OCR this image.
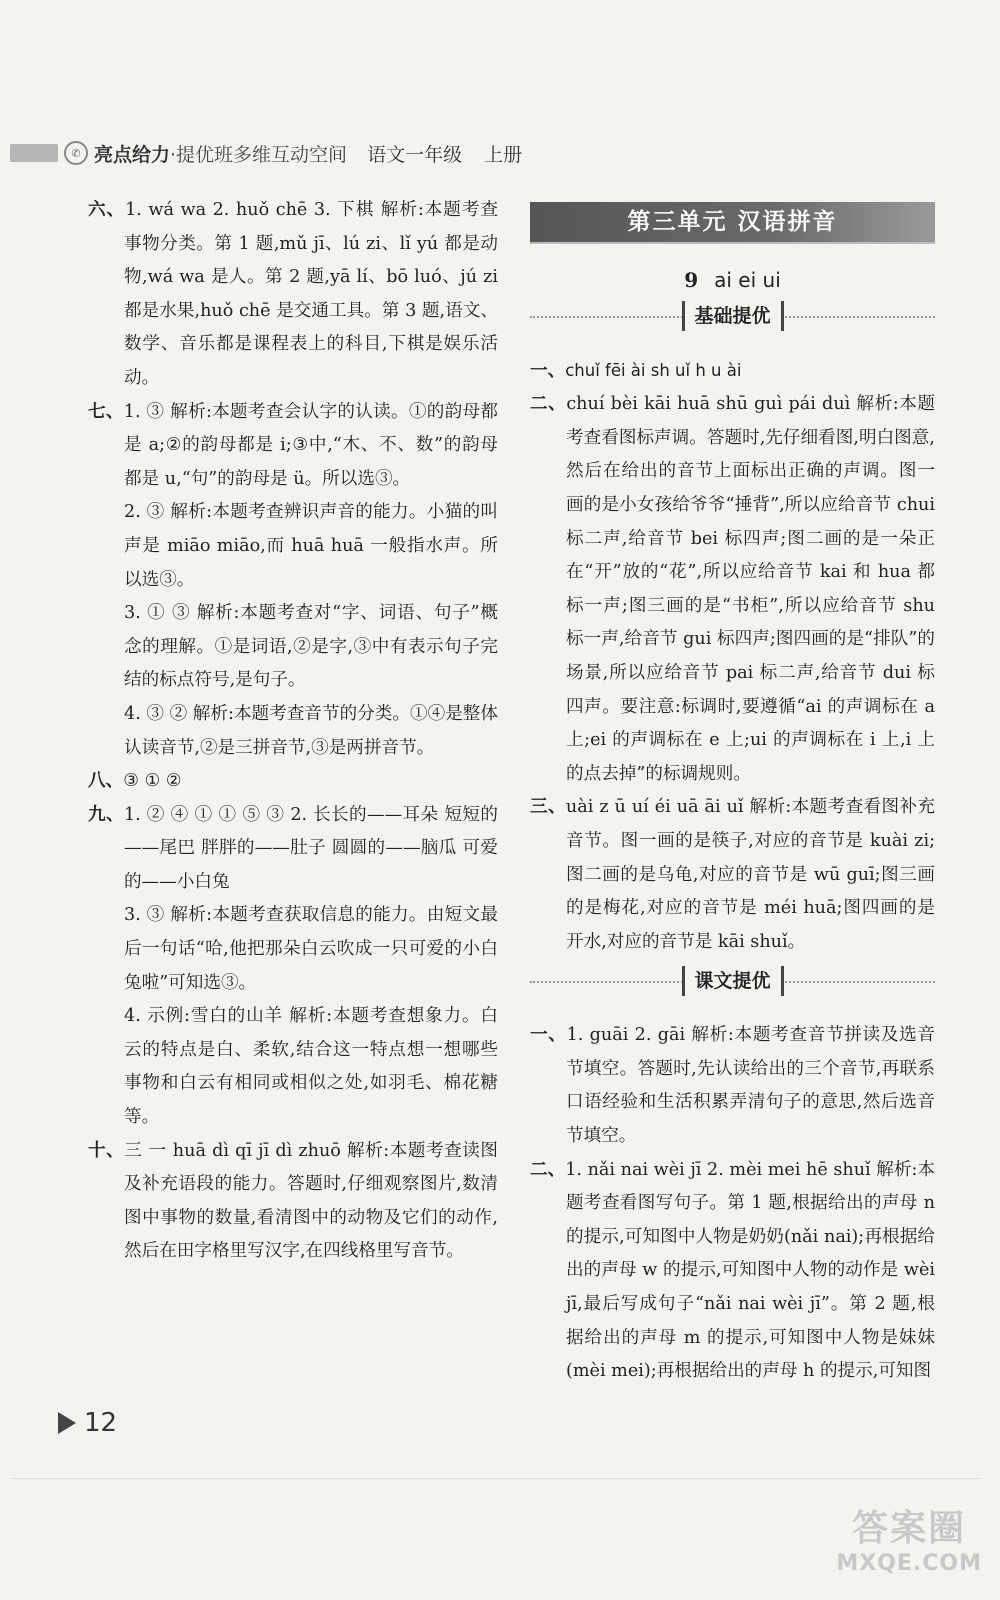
✆ 亮点给力 ·提优班多维互动空间 语文一年级 上册
六、1. wá wa 2. huǒ chē 3. 下棋 解析:本题考查事物分类。第 1 题,mǔ jī、lú zi、lǐ yú 都是动物,wá wa 是人。第 2 题,yā lí、bō luó、jú zi 都是水果,huǒ chē 是交通工具。第 3 题,语文、数学、音乐都是课程表上的科目,下棋是娱乐活动。
七、1. ③ 解析:本题考查会认字的认读。①的韵母都是 a;②的韵母都是 i;③中,“木、不、数”的韵母都是 u,“句”的韵母是 ü。所以选③。
2. ③ 解析:本题考查辨识声音的能力。小猫的叫声是 miāo miāo,而 huā huā 一般指水声。所以选③。
3. ① ③ 解析:本题考查对“字、词语、句子”概念的理解。①是词语,②是字,③中有表示句子完结的标点符号,是句子。
4. ③ ② 解析:本题考查音节的分类。①④是整体认读音节,②是三拼音节,③是两拼音节。
八、③ ① ②
九、1. ② ④ ① ① ⑤ ③ 2. 长长的——耳朵 短短的——尾巴 胖胖的——肚子 圆圆的——脑瓜 可爱的——小白兔
3. ③ 解析:本题考查获取信息的能力。由短文最后一句话“哈,他把那朵白云吹成一只可爱的小白兔啦”可知选③。
4. 示例:雪白的山羊 解析:本题考查想象力。白云的特点是白、柔软,结合这一特点想一想哪些事物和白云有相同或相似之处,如羽毛、棉花糖等。
十、三 一 huā dì qī jī dì zhuō 解析:本题考查读图及补充语段的能力。答题时,仔细观察图片,数清图中事物的数量,看清图中的动物及它们的动作,然后在田字格里写汉字,在四线格里写音节。
第三单元 汉语拼音
9 ai ei ui
基础提优
一、chuǐ fēi ài sh uǐ h u ài
二、chuí bèi kāi huā shū guì pái duì 解析:本题考查看图标声调。答题时,先仔细看图,明白图意,然后在给出的音节上面标出正确的声调。图一画的是小女孩给爷爷“捶背”,所以应给音节 chui 标二声,给音节 bei 标四声;图二画的是一朵正在“开”放的“花”,所以应给音节 kai 和 hua 都标一声;图三画的是“书柜”,所以应给音节 shu 标一声,给音节 gui 标四声;图四画的是“排队”的场景,所以应给音节 pai 标二声,给音节 dui 标四声。要注意:标调时,要遵循“ai 的声调标在 a 上;ei 的声调标在 e 上;ui 的声调标在 i 上,i 上的点去掉”的标调规则。
三、uài z ū uí éi uā āi uǐ 解析:本题考查看图补充音节。图一画的是筷子,对应的音节是 kuài zi;图二画的是乌龟,对应的音节是 wū guī;图三画的是梅花,对应的音节是 méi huā;图四画的是开水,对应的音节是 kāi shuǐ。
课文提优
一、1. guāi 2. gāi 解析:本题考查音节拼读及选音节填空。答题时,先认读给出的三个音节,再联系口语经验和生活积累弄清句子的意思,然后选音节填空。
二、1. nǎi nai wèi jī 2. mèi mei hē shuǐ 解析:本题考查看图写句子。第 1 题,根据给出的声母 n 的提示,可知图中人物是奶奶(nǎi nai);再根据给出的声母 w 的提示,可知图中人物的动作是 wèi jī,最后写成句子“nǎi nai wèi jī”。第 2 题,根据给出的声母 m 的提示,可知图中人物是妹妹(mèi mei);再根据给出的声母 h 的提示,可知图
12
答案圈
MXQE.COM
